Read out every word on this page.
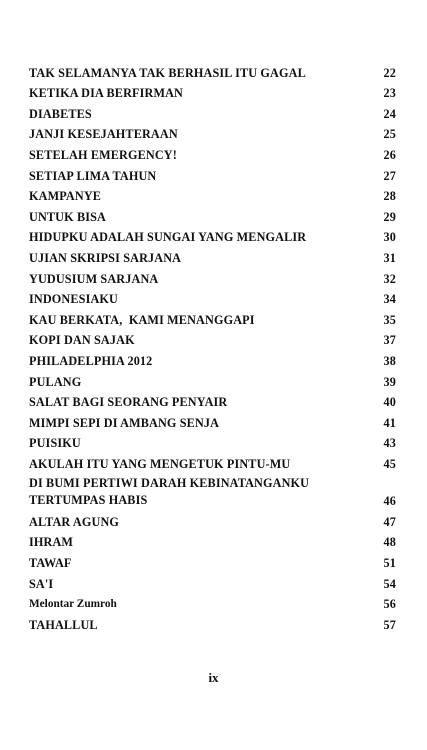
TAK SELAMANYA TAK BERHASIL ITU GAGAL	22
KETIKA DIA BERFIRMAN	23
DIABETES	24
JANJI KESEJAHTERAAN	25
SETELAH EMERGENCY!	26
SETIAP LIMA TAHUN	27
KAMPANYE	28
UNTUK BISA	29
HIDUPKU ADALAH SUNGAI YANG MENGALIR	30
UJIAN SKRIPSI SARJANA	31
YUDUSIUM SARJANA	32
INDONESIAKU	34
KAU BERKATA,  KAMI MENANGGAPI	35
KOPI DAN SAJAK	37
PHILADELPHIA 2012	38
PULANG	39
SALAT BAGI SEORANG PENYAIR	40
MIMPI SEPI DI AMBANG SENJA	41
PUISIKU	43
AKULAH ITU YANG MENGETUK PINTU-MU	45
DI BUMI PERTIWI DARAH KEBINATANGANKU TERTUMPAS HABIS	46
ALTAR AGUNG	47
IHRAM	48
TAWAF	51
SA'I	54
Melontar Zumroh	56
TAHALLUL	57
ix
